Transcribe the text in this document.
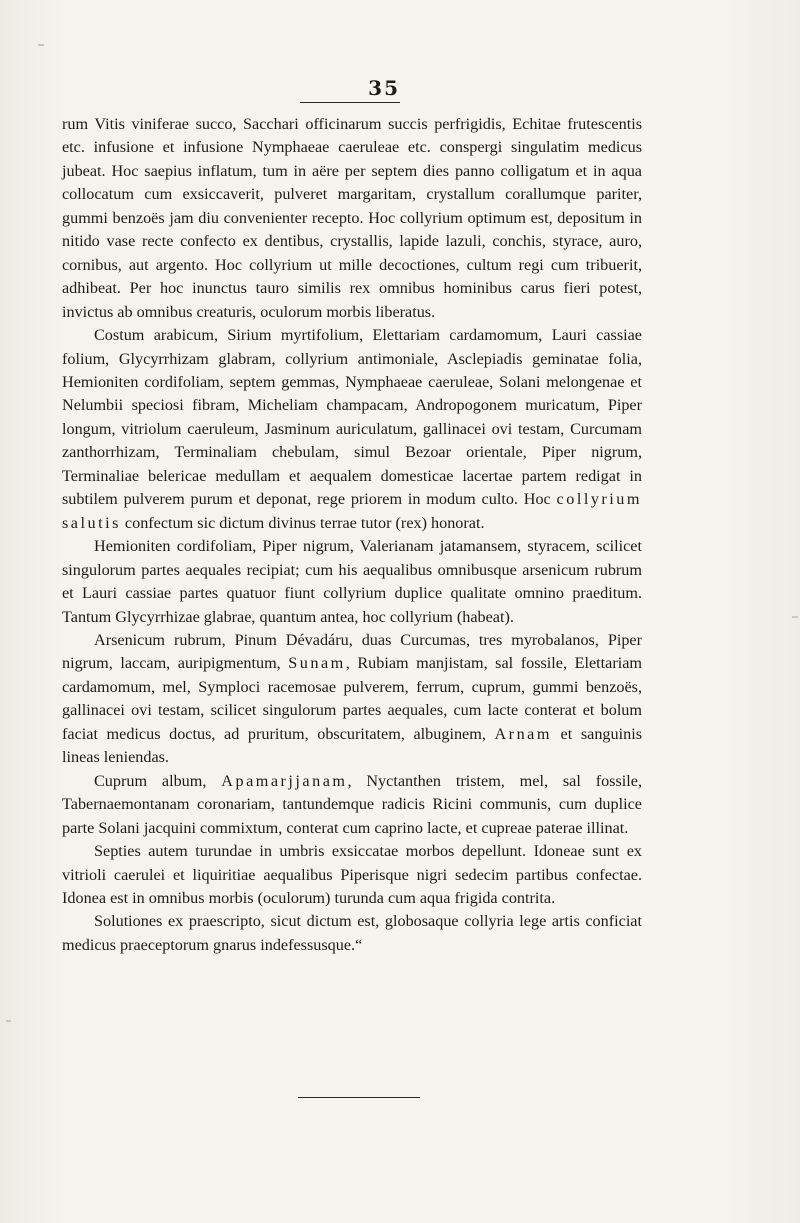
35

rum Vitis viniferae succo, Sacchari officinarum succis perfrigidis, Echitae frutescentis etc. infusione et infusione Nymphaeae caeruleae etc. conspergi singulatim medicus jubeat. Hoc saepius inflatum, tum in aëre per septem dies panno colligatum et in aqua collocatum cum exsiccaverit, pulveret margaritam, crystallum corallumque pariter, gummi benzoës jam diu convenienter recepto. Hoc collyrium optimum est, depositum in nitido vase recte confecto ex dentibus, crystallis, lapide lazuli, conchis, styrace, auro, cornibus, aut argento. Hoc collyrium ut mille decoctiones, cultum regi cum tribuerit, adhibeat. Per hoc inunctus tauro similis rex omnibus hominibus carus fieri potest, invictus ab omnibus creaturis, oculorum morbis liberatus.

Costum arabicum, Sirium myrtifolium, Elettariam cardamomum, Lauri cassiae folium, Glycyrrhizam glabram, collyrium antimoniale, Asclepiadis geminatae folia, Hemioniten cordifoliam, septem gemmas, Nymphaeae caeruleae, Solani melongenae et Nelumbii speciosi fibram, Micheliam champacam, Andropogonem muricatum, Piper longum, vitriolum caeruleum, Jasminum auriculatum, gallinacei ovi testam, Curcumam zanthorrhizam, Terminaliam chebulam, simul Bezoar orientale, Piper nigrum, Terminaliae belericae medullam et aequalem domesticae lacertae partem redigat in subtilem pulverem purum et deponat, rege priorem in modum culto. Hoc collyrium salutis confectum sic dictum divinus terrae tutor (rex) honorat.

Hemioniten cordifoliam, Piper nigrum, Valerianam jatamansem, styracem, scilicet singulorum partes aequales recipiat; cum his aequalibus omnibusque arsenicum rubrum et Lauri cassiae partes quatuor fiunt collyrium duplice qualitate omnino praeditum. Tantum Glycyrrhizae glabrae, quantum antea, hoc collyrium (habeat).

Arsenicum rubrum, Pinum Dévadáru, duas Curcumas, tres myrobalanos, Piper nigrum, laccam, auripigmentum, Sunam, Rubiam manjistam, sal fossile, Elettariam cardamomum, mel, Symploci racemosae pulverem, ferrum, cuprum, gummi benzoës, gallinacei ovi testam, scilicet singulorum partes aequales, cum lacte conterat et bolum faciat medicus doctus, ad pruritum, obscuritatem, albuginem, Arnam et sanguinis lineas leniendas.

Cuprum album, Apamarjjanam, Nyctanthen tristem, mel, sal fossile, Tabernaemontanam coronariam, tantundemque radicis Ricini communis, cum duplice parte Solani jacquini commixtum, conterat cum caprino lacte, et cupreae paterae illinat.

Septies autem turundae in umbris exsiccatae morbos depellunt. Idoneae sunt ex vitrioli caerulei et liquiritiae aequalibus Piperisque nigri sedecim partibus confectae. Idonea est in omnibus morbis (oculorum) turunda cum aqua frigida contrita.

Solutiones ex praescripto, sicut dictum est, globosaque collyria lege artis conficiat medicus praeceptorum gnarus indefessusque.“
